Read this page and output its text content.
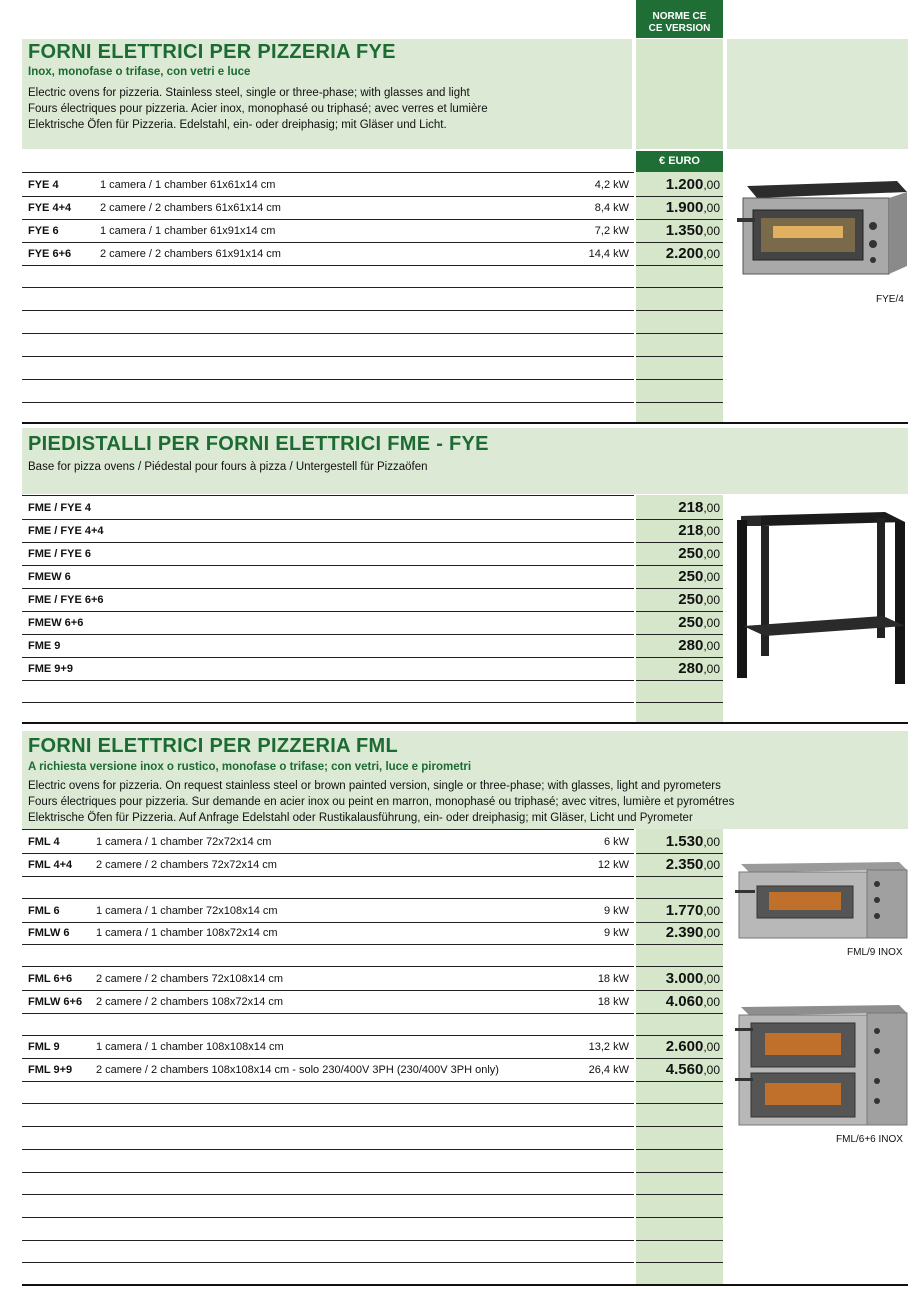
NORME CE
CE VERSION
FORNI ELETTRICI PER PIZZERIA FYE
Inox, monofase o trifase, con vetri e luce
Electric ovens for pizzeria. Stainless steel, single or three-phase; with glasses and light
Fours électriques pour pizzeria. Acier inox, monophasé ou triphasé; avec verres et lumière
Elektrische Öfen für Pizzeria. Edelstahl, ein- oder dreiphasig; mit Gläser und Licht.
€ EURO
FYE 4	1 camera / 1 chamber 61x61x14 cm	4,2 kW 1.200,00
FYE 4+4	2 camere / 2 chambers 61x61x14 cm	8,4 kW 1.900,00
FYE 6	1 camera / 1 chamber 61x91x14 cm	7,2 kW 1.350,00
FYE 6+6	2 camere / 2 chambers 61x91x14 cm	14,4 kW 2.200,00
FYE/4
PIEDISTALLI PER FORNI ELETTRICI FME - FYE
Base for pizza ovens / Piédestal pour fours à pizza / Untergestell für Pizzaöfen
FME / FYE 4	218,00
FME / FYE 4+4	218,00
FME / FYE 6	250,00
FMEW 6	250,00
FME / FYE 6+6	250,00
FMEW 6+6	250,00
FME 9	280,00
FME 9+9	280,00
FORNI ELETTRICI PER PIZZERIA FML
A richiesta versione inox o rustico, monofase o trifase; con vetri, luce e pirometri
Electric ovens for pizzeria. On request stainless steel or brown painted version, single or three-phase; with glasses, light and pyrometers
Fours électriques pour pizzeria. Sur demande en acier inox ou peint en marron, monophasé ou triphasé; avec vitres, lumière et pyrométres
Elektrische Öfen für Pizzeria. Auf Anfrage Edelstahl oder Rustikalausführung, ein- oder dreiphasig; mit Gläser, Licht und Pyrometer
FML 4	1 camera / 1 chamber 72x72x14 cm	6 kW 1.530,00
FML 4+4 2 camere / 2 chambers 72x72x14 cm	12 kW 2.350,00
FML 6	1 camera / 1 chamber 72x108x14 cm	9 kW 1.770,00
FMLW 6 1 camera / 1 chamber 108x72x14 cm	9 kW 2.390,00
FML 6+6 2 camere / 2 chambers 72x108x14 cm	18 kW 3.000,00
FMLW 6+6 2 camere / 2 chambers 108x72x14 cm	18 kW 4.060,00
FML 9	1 camera / 1 chamber 108x108x14 cm	13,2 kW 2.600,00
FML 9+9 2 camere / 2 chambers 108x108x14 cm - solo 230/400V 3PH (230/400V 3PH only)	26,4 kW 4.560,00
FML/9 INOX
FML/6+6 INOX
